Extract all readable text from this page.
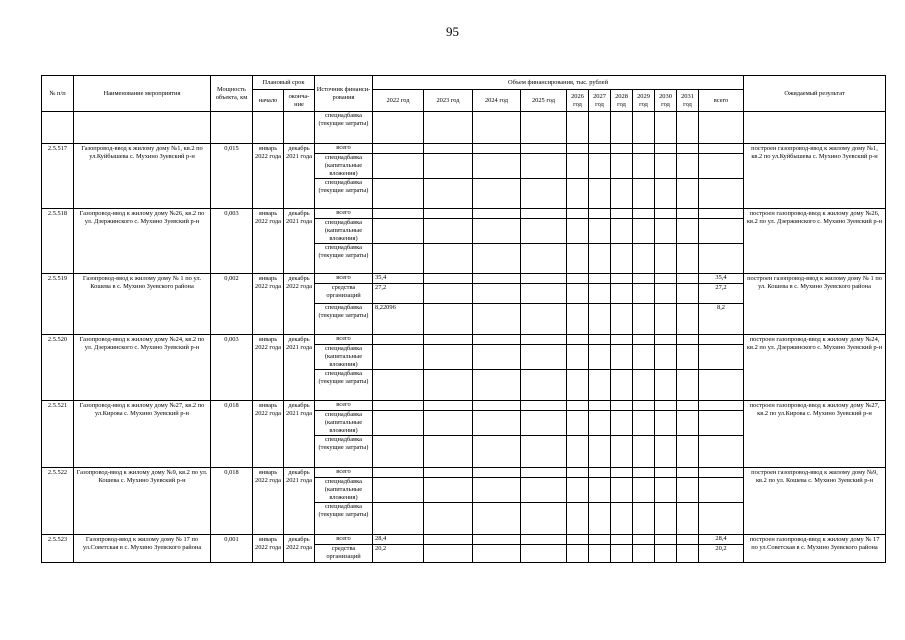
95
№ п/п	Наименование мероприятия	Мощность объекта, км	Плановый срок		Источник финанси-рования	Объем финансирования, тыс. рублей											Ожидаемый результат
			начало	оконча-ние		2022 год	2023 год	2024 год	2025 год	2026 год	2027 год	2028 год	2029 год	2030 год	2031 год	всего	
					спецнадбавка (текущие затраты)												
2.5.517	Газопровод-ввод к жилому дому №1, кв.2 по ул.Куйбышева с. Мухино Зуевский р-н	0,015	январь 2022 года	декабрь 2021 года	всего												построен газопровод-ввод к жилому дому №1, кв.2 по ул.Куйбышева с. Мухино Зуевский р-н
					спецнадбавка (капитальные вложения)												
					спецнадбавка (текущие затраты)												
2.5.518	Газопровод-ввод к жилому дому №26, кв.2 по ул. Дзержинского с. Мухино Зуевский р-н	0,003	январь 2022 года	декабрь 2021 года	всего												построен газопровод-ввод к жилому дому №26, кв.2 по ул. Дзержинского с. Мухино Зуевский р-н
					спецнадбавка (капитальные вложения)												
					спецнадбавка (текущие затраты)												
2.5.519	Газопровод-ввод к жилому дому № 1 по ул. Кошева в с. Мухино Зуевского района	0,002	январь 2022 года	декабрь 2022 года	всего	35,4										35,4	построен газопровод-ввод к жилому дому № 1 по ул. Кошева в с. Мухино Зуевского района
					средства организаций	27,2										27,2	
					спецнадбавка (текущие затраты)	8,22096										8,2	
2.5.520	Газопровод-ввод к жилому дому №24, кв.2 по ул. Дзержинского с. Мухино Зуевский р-н	0,003	январь 2022 года	декабрь 2021 года	всего												построен газопровод-ввод к жилому дому №24, кв.2 по ул. Дзержинского с. Мухино Зуевский р-н
					спецнадбавка (капитальные вложения)												
					спецнадбавка (текущие затраты)												
2.5.521	Газопровод-ввод к жилому дому №27, кв.2 по ул.Кирова с. Мухино Зуевский р-н	0,018	январь 2022 года	декабрь 2021 года	всего												построен газопровод-ввод к жилому дому №27, кв.2 по ул.Кирова с. Мухино Зуевский р-н
					спецнадбавка (капитальные вложения)												
					спецнадбавка (текущие затраты)												
2.5.522	Газопровод-ввод к жилому дому №9, кв.2 по ул. Кошева с. Мухино Зуевский р-н	0,018	январь 2022 года	декабрь 2021 года	всего												построен газопровод-ввод к жилому дому №9, кв.2 по ул. Кошева с. Мухино Зуевский р-н
					спецнадбавка (капитальные вложения)												
					спецнадбавка (текущие затраты)												
2.5.523	Газопровод-ввод к жилому дому № 17 по ул.Советская в с. Мухино Зуевского района	0,001	январь 2022 года	декабрь 2022 года	всего	28,4										28,4	построен газопровод-ввод к жилому дому № 17 по ул.Советская в с. Мухино Зуевского района
					средства организаций	20,2										20,2	
